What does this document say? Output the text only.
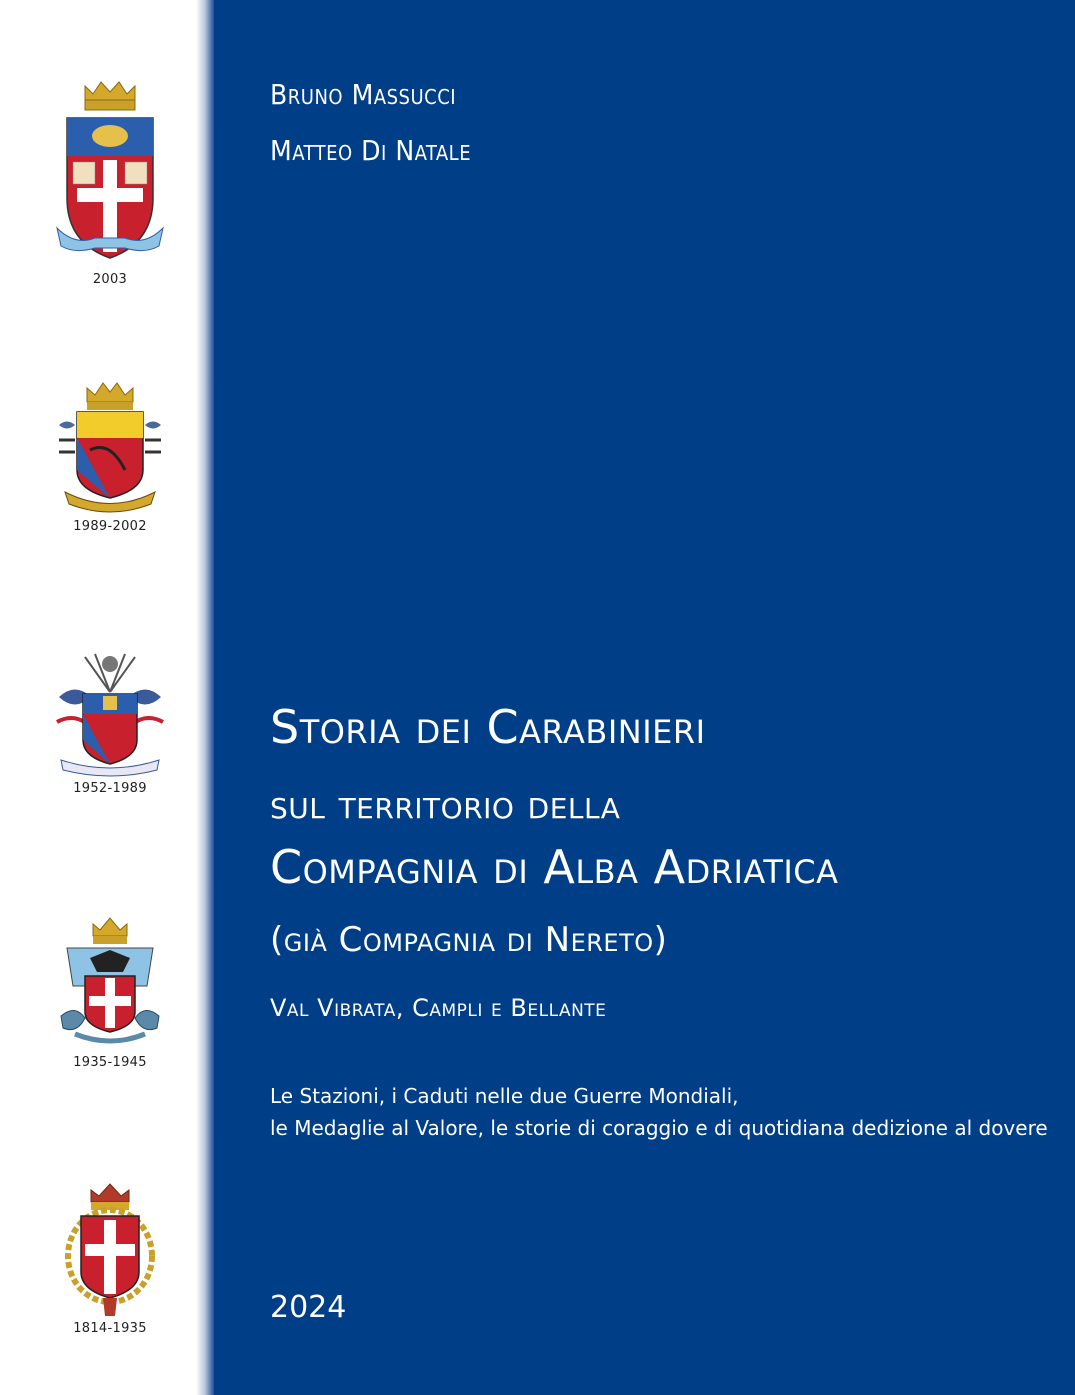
2003
1989-2002
1952-1989
1935-1945
1814-1935

Bruno Massucci

Matteo Di Natale

Storia dei Carabinieri

sul territorio della

Compagnia di Alba Adriatica

(già Compagnia di Nereto)

Val Vibrata, Campli e Bellante

Le Stazioni, i Caduti nelle due Guerre Mondiali,

le Medaglie al Valore, le storie di coraggio e di quotidiana dedizione al dovere

2024
